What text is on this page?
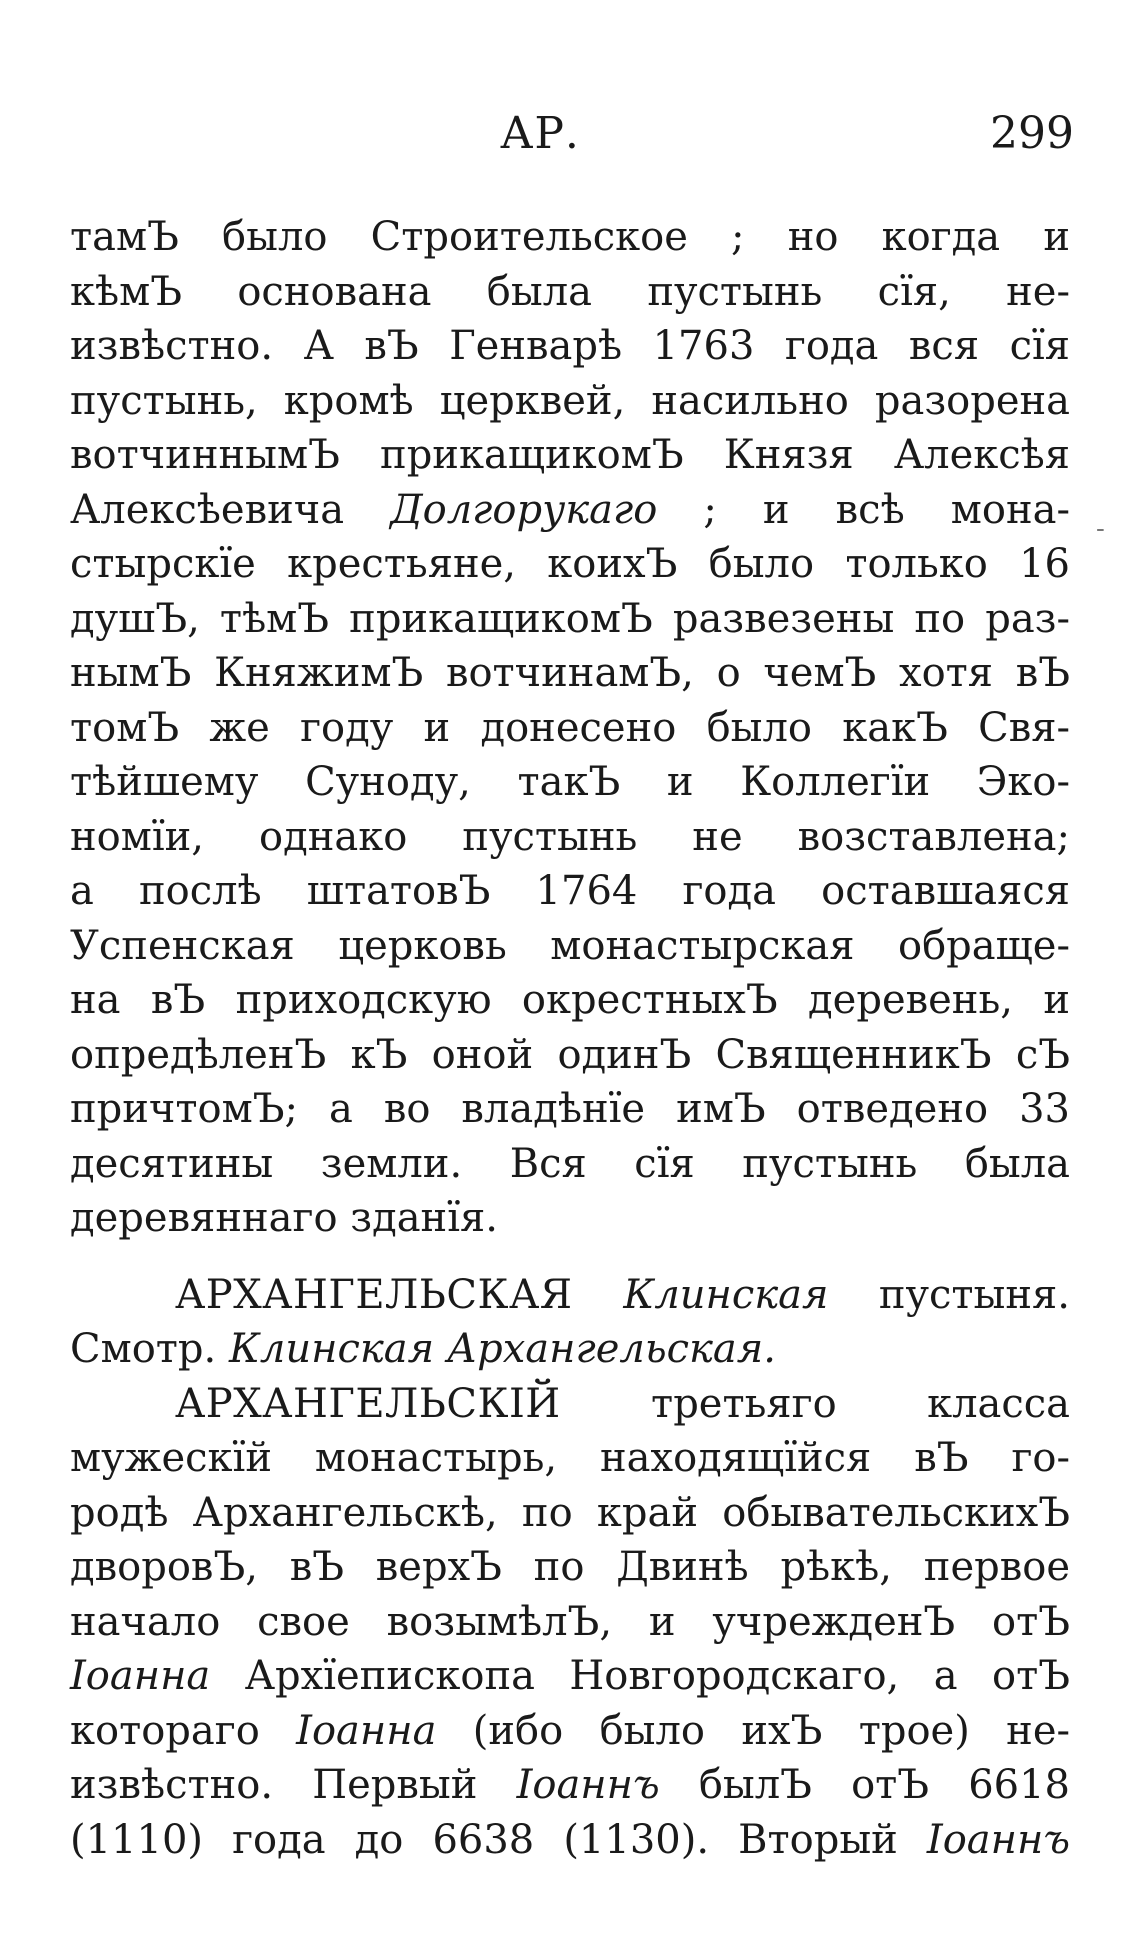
АР.	299
-
тамЪ было Строительское ; но когда и
кѣмЪ основана была пустынь сїя, не-
извѣстно. А вЪ Генварѣ 1763 года вся сїя
пустынь, кромѣ церквей, насильно разорена
вотчиннымЪ прикащикомЪ Князя Алексѣя
Алексѣевича Долгорукаго ; и всѣ мона-
стырскїе крестьяне, коихЪ было только 16
душЪ, тѣмЪ прикащикомЪ развезены по раз-
нымЪ КняжимЪ вотчинамЪ, о чемЪ хотя вЪ
томЪ же году и донесено было какЪ Свя-
тѣйшему Суноду, такЪ и Коллегїи Эко-
номїи, однако пустынь не возставлена;
а послѣ штатовЪ 1764 года оставшаяся
Успенская церковь монастырская обраще-
на вЪ приходскую окрестныхЪ деревень, и
опредѣленЪ кЪ оной одинЪ СвященникЪ сЪ
причтомЪ; а во владѣнїе имЪ отведено 33
десятины земли. Вся сїя пустынь была
деревяннаго зданїя.
АРХАНГЕЛЬСКАЯ Клинская пустыня.
Смотр. Клинская Архангельская.
АРХАНГЕЛЬСКІЙ третьяго класса
мужескїй монастырь, находящїйся вЪ го-
родѣ Архангельскѣ, по край обывательскихЪ
дворовЪ, вЪ верхЪ по Двинѣ рѣкѣ, первое
начало свое возымѣлЪ, и учрежденЪ отЪ
Іоанна Архїепископа Новгородскаго, а отЪ
котораго Іоанна (ибо было ихЪ трое) не-
извѣстно. Первый Іоаннъ былЪ отЪ 6618
(1110) года до 6638 (1130). Вторый Іоаннъ
